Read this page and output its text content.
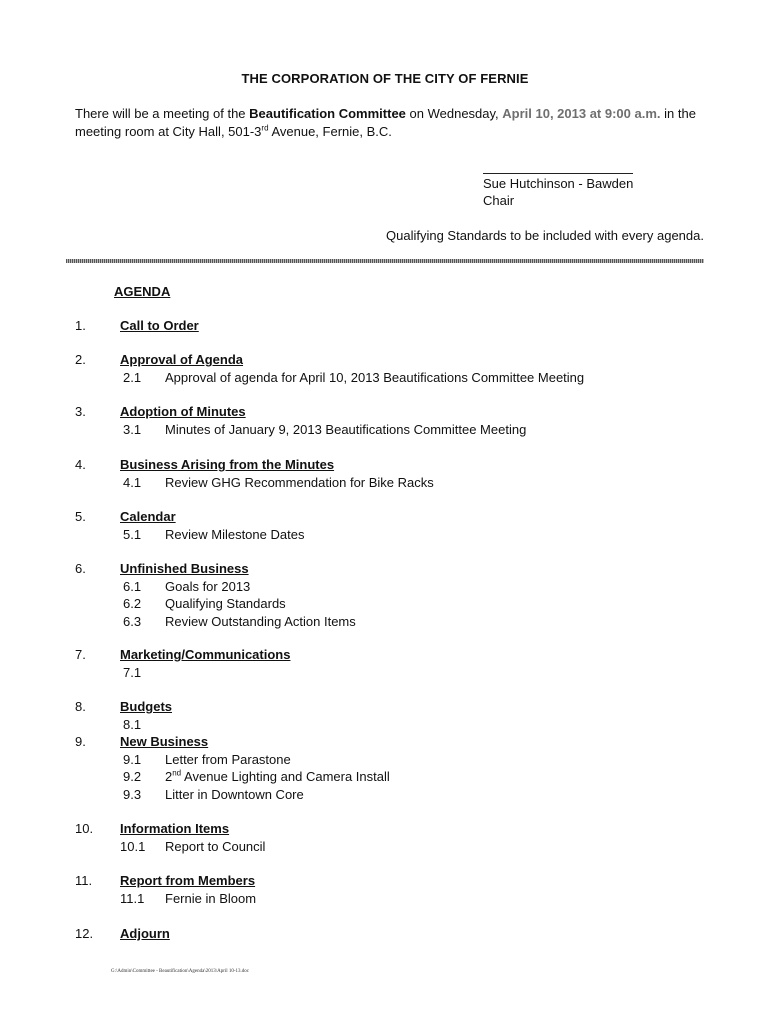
THE CORPORATION OF THE CITY OF FERNIE
There will be a meeting of the Beautification Committee on Wednesday, April 10, 2013 at 9:00 a.m. in the
meeting room at City Hall, 501-3rd Avenue, Fernie, B.C.
Sue Hutchinson - Bawden
Chair
Qualifying Standards to be included with every agenda.
AGENDA
1.	Call to Order
2.	Approval of Agenda
2.1	Approval of agenda for April 10, 2013 Beautifications Committee Meeting
3.	Adoption of Minutes
3.1	Minutes of January 9, 2013 Beautifications Committee Meeting
4.	Business Arising from the Minutes
4.1	Review GHG Recommendation for Bike Racks
5.	Calendar
5.1	Review Milestone Dates
6.	Unfinished Business
6.1	Goals for 2013
6.2	Qualifying Standards
6.3	Review Outstanding Action Items
7.	Marketing/Communications
7.1
8.	Budgets
8.1
9.	New Business
9.1	Letter from Parastone
9.2	2nd Avenue Lighting and Camera Install
9.3	Litter in Downtown Core
10. Information Items
10.1	Report to Council
11. Report from Members
11.1	Fernie in Bloom
12. Adjourn
G:\Admin\Committee - Beautification\Agenda\2013\April 10-13.doc
